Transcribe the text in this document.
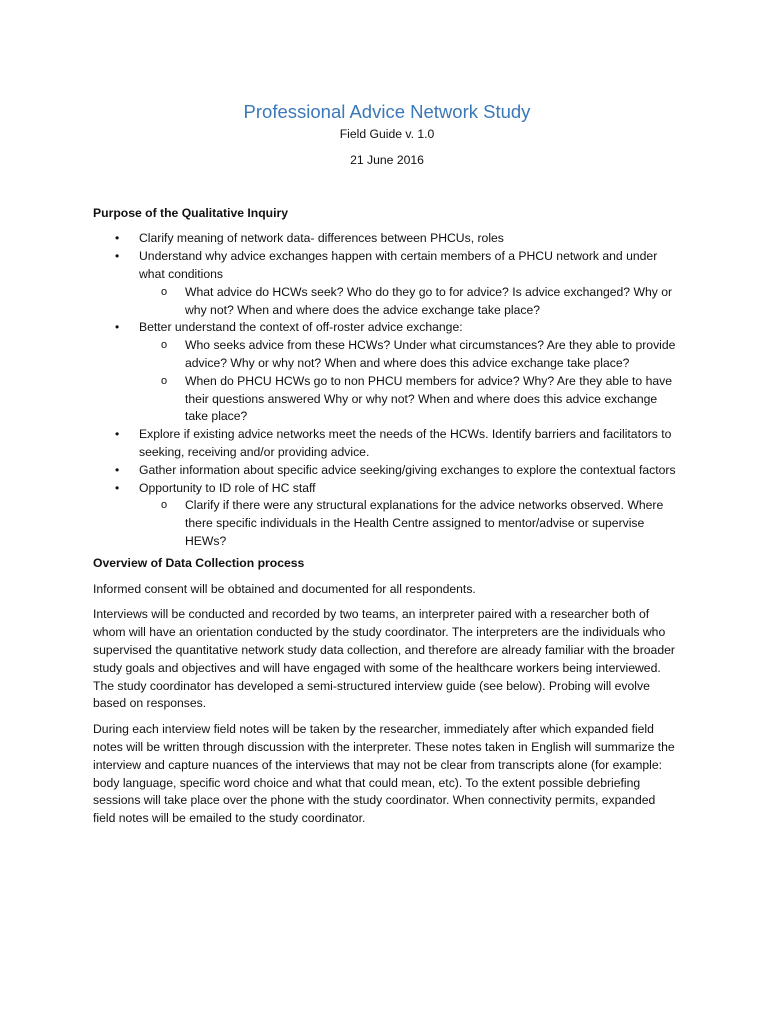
Professional Advice Network Study
Field Guide v. 1.0
21 June 2016
Purpose of the Qualitative Inquiry
• Clarify meaning of network data- differences between PHCUs, roles
• Understand why advice exchanges happen with certain members of a PHCU network and under what conditions
o What advice do HCWs seek? Who do they go to for advice? Is advice exchanged? Why or why not? When and where does the advice exchange take place?
• Better understand the context of off-roster advice exchange:
o Who seeks advice from these HCWs? Under what circumstances? Are they able to provide advice? Why or why not? When and where does this advice exchange take place?
o When do PHCU HCWs go to non PHCU members for advice? Why? Are they able to have their questions answered Why or why not? When and where does this advice exchange take place?
• Explore if existing advice networks meet the needs of the HCWs. Identify barriers and facilitators to seeking, receiving and/or providing advice.
• Gather information about specific advice seeking/giving exchanges to explore the contextual factors
• Opportunity to ID role of HC staff
o Clarify if there were any structural explanations for the advice networks observed. Where there specific individuals in the Health Centre assigned to mentor/advise or supervise HEWs?
Overview of Data Collection process

Informed consent will be obtained and documented for all respondents.

Interviews will be conducted and recorded by two teams, an interpreter paired with a researcher both of whom will have an orientation conducted by the study coordinator. The interpreters are the individuals who supervised the quantitative network study data collection, and therefore are already familiar with the broader study goals and objectives and will have engaged with some of the healthcare workers being interviewed. The study coordinator has developed a semi-structured interview guide (see below). Probing will evolve based on responses.

During each interview field notes will be taken by the researcher, immediately after which expanded field notes will be written through discussion with the interpreter. These notes taken in English will summarize the interview and capture nuances of the interviews that may not be clear from transcripts alone (for example: body language, specific word choice and what that could mean, etc). To the extent possible debriefing sessions will take place over the phone with the study coordinator. When connectivity permits, expanded field notes will be emailed to the study coordinator.
